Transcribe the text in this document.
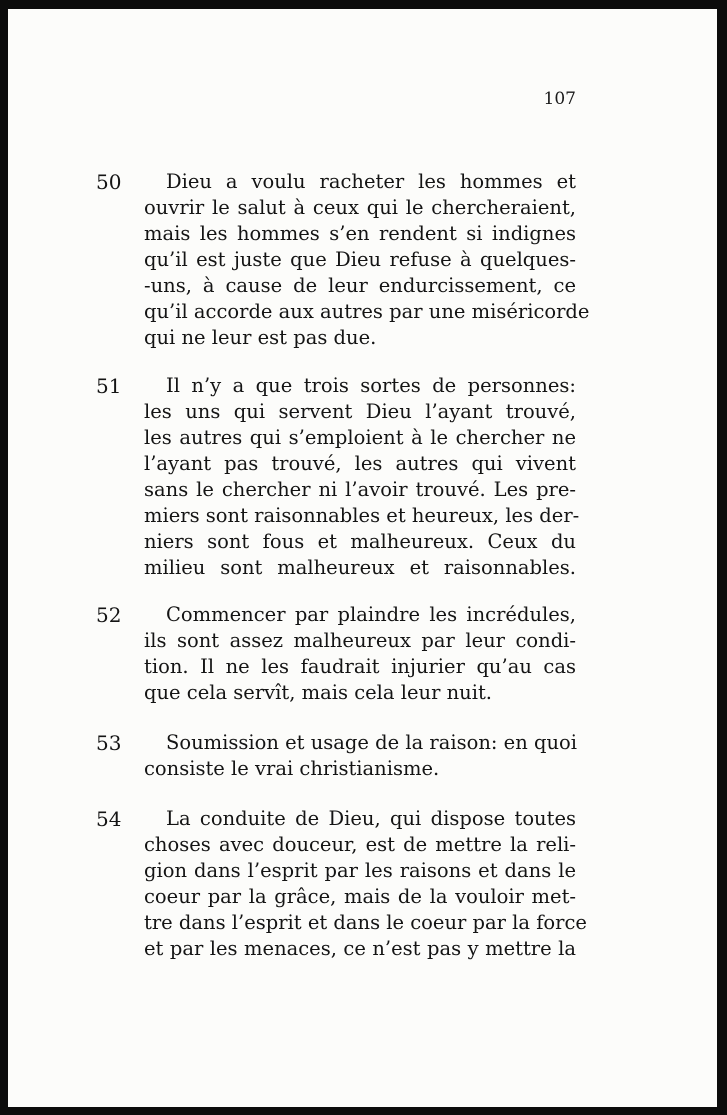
107

50	Dieu a voulu racheter les hommes et
ouvrir le salut à ceux qui le chercheraient,
mais les hommes s’en rendent si indignes
qu’il est juste que Dieu refuse à quelques-
-uns, à cause de leur endurcissement, ce
qu’il accorde aux autres par une miséricorde
qui ne leur est pas due.

51	Il n’y a que trois sortes de personnes:
les uns qui servent Dieu l’ayant trouvé,
les autres qui s’emploient à le chercher ne
l’ayant pas trouvé, les autres qui vivent
sans le chercher ni l’avoir trouvé. Les pre-
miers sont raisonnables et heureux, les der-
niers sont fous et malheureux. Ceux du
milieu sont malheureux et raisonnables.

52	Commencer par plaindre les incrédules,
ils sont assez malheureux par leur condi-
tion. Il ne les faudrait injurier qu’au cas
que cela servît, mais cela leur nuit.

53	Soumission et usage de la raison: en quoi
consiste le vrai christianisme.

54	La conduite de Dieu, qui dispose toutes
choses avec douceur, est de mettre la reli-
gion dans l’esprit par les raisons et dans le
coeur par la grâce, mais de la vouloir met-
tre dans l’esprit et dans le coeur par la force
et par les menaces, ce n’est pas y mettre la
